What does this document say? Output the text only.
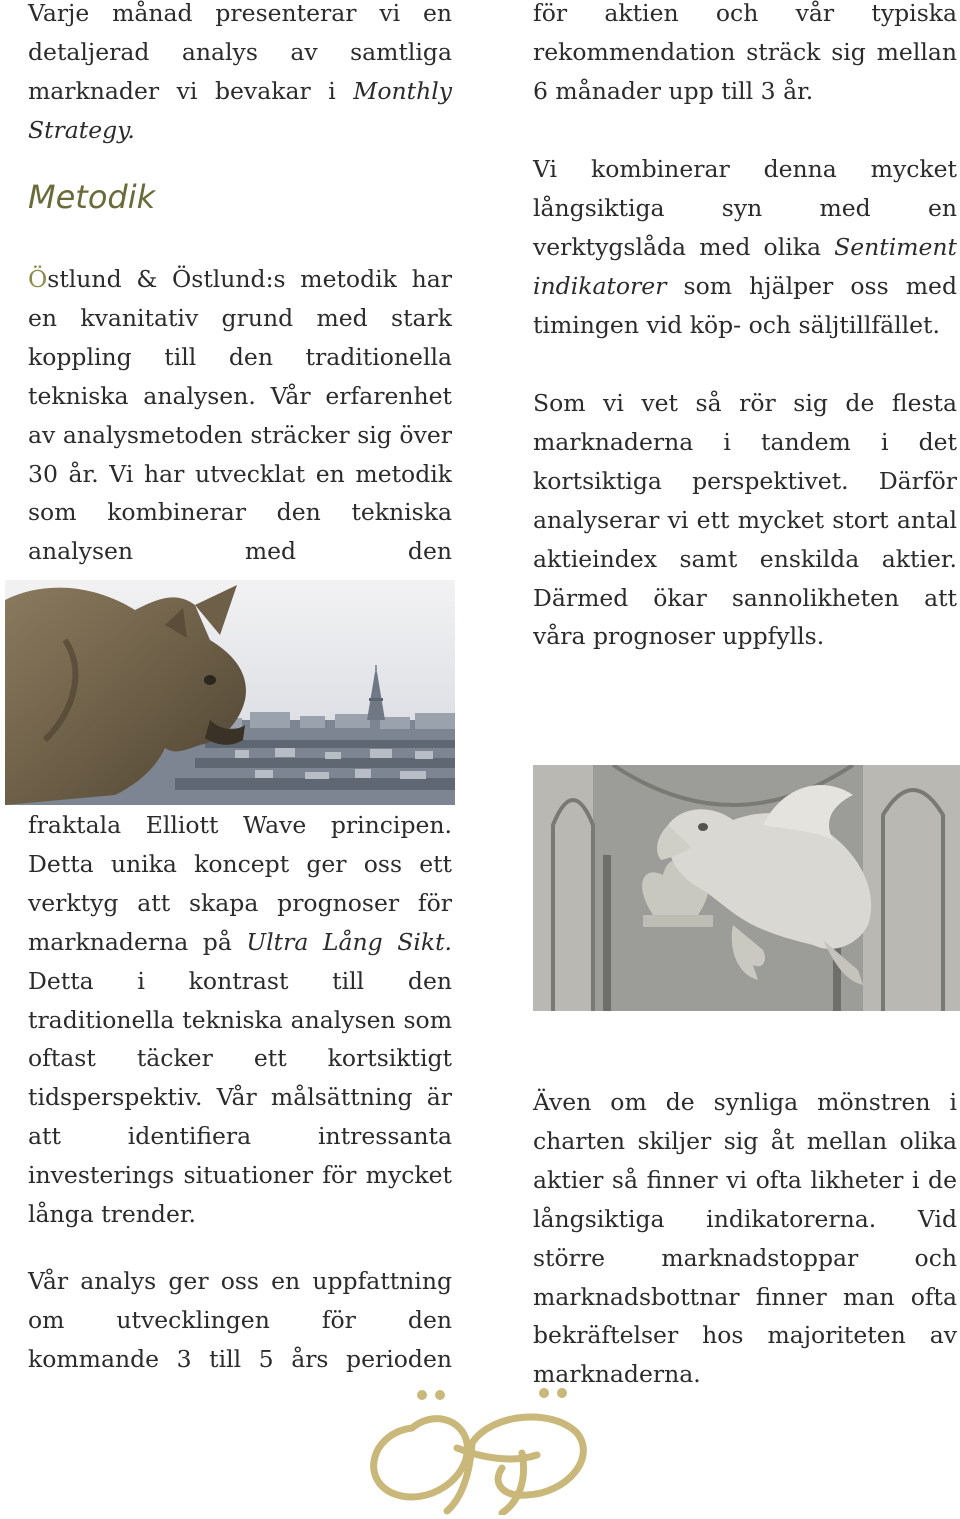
Varje månad presenterar vi en detaljerad analys av samtliga marknader vi bevakar i Monthly Strategy.

Metodik

Östlund & Östlund:s metodik har en kvanitativ grund med stark koppling till den traditionella tekniska analysen. Vår erfarenhet av analysmetoden sträcker sig över 30 år. Vi har utvecklat en metodik som kombinerar den tekniska analysen med den

fraktala Elliott Wave principen. Detta unika koncept ger oss ett verktyg att skapa prognoser för marknaderna på Ultra Lång Sikt. Detta i kontrast till den traditionella tekniska analysen som oftast täcker ett kortsiktigt tidsperspektiv. Vår målsättning är att identifiera intressanta investerings situationer för mycket långa trender.

Vår analys ger oss en uppfattning om utvecklingen för den kommande 3 till 5 års perioden

för aktien och vår typiska rekommendation sträck sig mellan 6 månader upp till 3 år.

Vi kombinerar denna mycket långsiktiga syn med en verktygslåda med olika Sentiment indikatorer som hjälper oss med timingen vid köp- och säljtillfället.

Som vi vet så rör sig de flesta marknaderna i tandem i det kortsiktiga perspektivet. Därför analyserar vi ett mycket stort antal aktieindex samt enskilda aktier. Därmed ökar sannolikheten att våra prognoser uppfylls.

Även om de synliga mönstren i charten skiljer sig åt mellan olika aktier så finner vi ofta likheter i de långsiktiga indikatorerna. Vid större marknadstoppar och marknadsbottnar finner man ofta bekräftelser hos majoriteten av marknaderna.
